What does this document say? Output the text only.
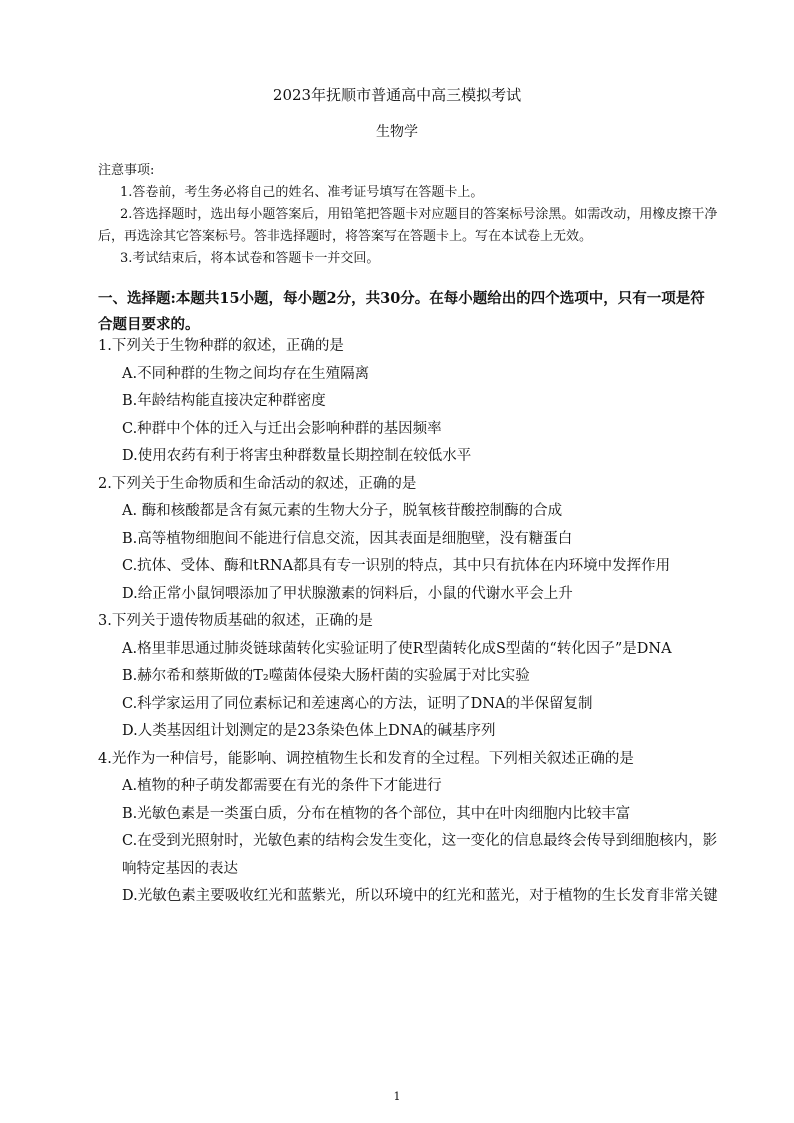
2023年抚顺市普通高中高三模拟考试
生物学

注意事项:

1.答卷前，考生务必将自己的姓名、准考证号填写在答题卡上。

2.答选择题时，选出每小题答案后，用铅笔把答题卡对应题目的答案标号涂黑。如需改动，用橡皮擦干净后，再选涂其它答案标号。答非选择题时，将答案写在答题卡上。写在本试卷上无效。

3.考试结束后，将本试卷和答题卡一并交回。

一、选择题:本题共15小题，每小题2分，共30分。在每小题给出的四个选项中，只有一项是符合题目要求的。

1.下列关于生物种群的叙述，正确的是

A.不同种群的生物之间均存在生殖隔离

B.年龄结构能直接决定种群密度

C.种群中个体的迁入与迁出会影响种群的基因频率

D.使用农药有利于将害虫种群数量长期控制在较低水平

2.下列关于生命物质和生命活动的叙述，正确的是

A. 酶和核酸都是含有氮元素的生物大分子，脱氧核苷酸控制酶的合成

B.高等植物细胞间不能进行信息交流，因其表面是细胞壁，没有糖蛋白

C.抗体、受体、酶和tRNA都具有专一识别的特点，其中只有抗体在内环境中发挥作用

D.给正常小鼠饲喂添加了甲状腺激素的饲料后，小鼠的代谢水平会上升

3.下列关于遗传物质基础的叙述，正确的是

A.格里菲思通过肺炎链球菌转化实验证明了使R型菌转化成S型菌的“转化因子”是DNA

B.赫尔希和蔡斯做的T₂噬菌体侵染大肠杆菌的实验属于对比实验

C.科学家运用了同位素标记和差速离心的方法，证明了DNA的半保留复制

D.人类基因组计划测定的是23条染色体上DNA的碱基序列

4.光作为一种信号，能影响、调控植物生长和发育的全过程。下列相关叙述正确的是

A.植物的种子萌发都需要在有光的条件下才能进行

B.光敏色素是一类蛋白质，分布在植物的各个部位，其中在叶肉细胞内比较丰富

C.在受到光照射时，光敏色素的结构会发生变化，这一变化的信息最终会传导到细胞核内，影响特定基因的表达

D.光敏色素主要吸收红光和蓝紫光，所以环境中的红光和蓝光，对于植物的生长发育非常关键

1
